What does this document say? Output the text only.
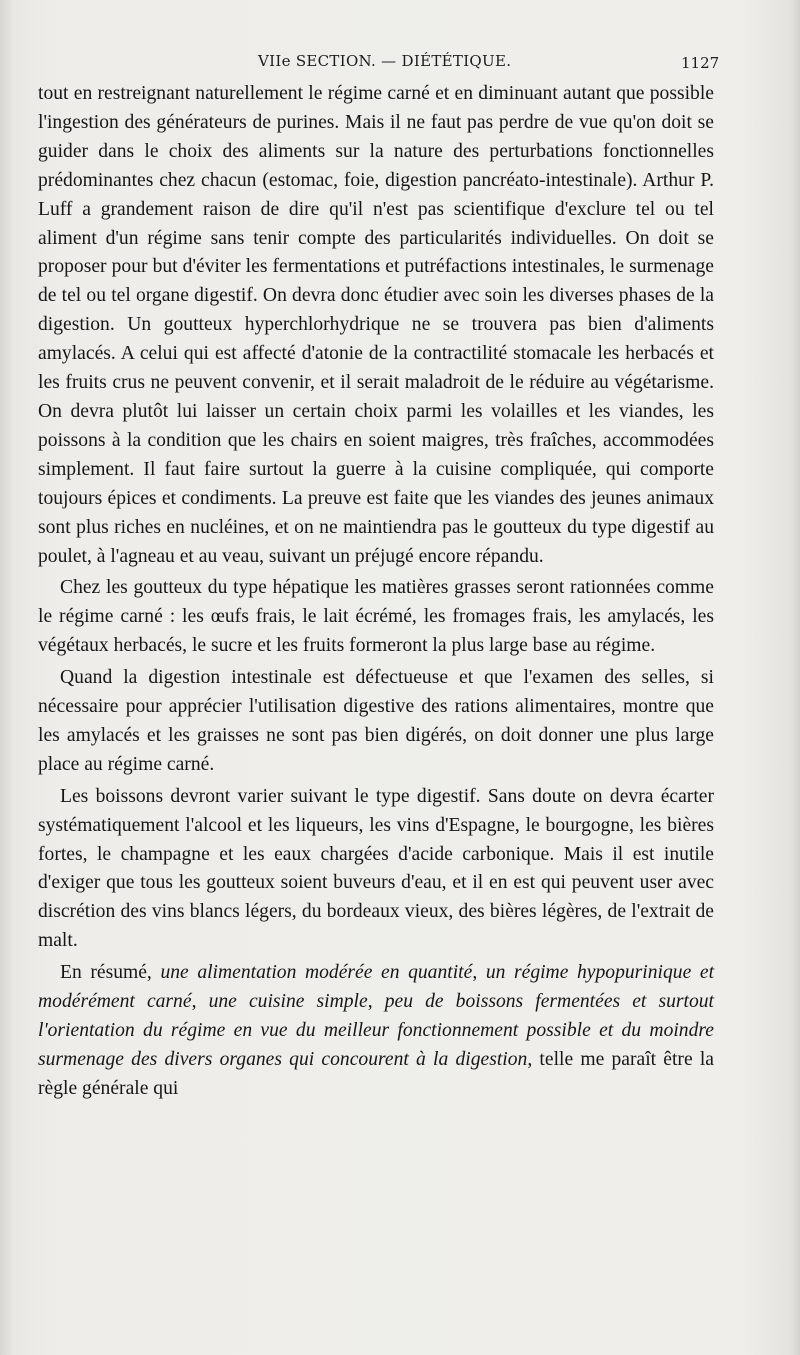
VIIe SECTION. — DIÉTÉTIQUE.	1127

tout en restreignant naturellement le régime carné et en diminuant autant que possible l'ingestion des générateurs de purines. Mais il ne faut pas perdre de vue qu'on doit se guider dans le choix des aliments sur la nature des perturbations fonctionnelles prédominantes chez chacun (estomac, foie, digestion pancréato-intestinale). Arthur P. Luff a grandement raison de dire qu'il n'est pas scientifique d'exclure tel ou tel aliment d'un régime sans tenir compte des particularités individuelles. On doit se proposer pour but d'éviter les fermentations et putréfactions intestinales, le surmenage de tel ou tel organe digestif. On devra donc étudier avec soin les diverses phases de la digestion. Un goutteux hyperchlorhydrique ne se trouvera pas bien d'aliments amylacés. A celui qui est affecté d'atonie de la contractilité stomacale les herbacés et les fruits crus ne peuvent convenir, et il serait maladroit de le réduire au végétarisme. On devra plutôt lui laisser un certain choix parmi les volailles et les viandes, les poissons à la condition que les chairs en soient maigres, très fraîches, accommodées simplement. Il faut faire surtout la guerre à la cuisine compliquée, qui comporte toujours épices et condiments. La preuve est faite que les viandes des jeunes animaux sont plus riches en nucléines, et on ne maintiendra pas le goutteux du type digestif au poulet, à l'agneau et au veau, suivant un préjugé encore répandu.

Chez les goutteux du type hépatique les matières grasses seront rationnées comme le régime carné : les œufs frais, le lait écrémé, les fromages frais, les amylacés, les végétaux herbacés, le sucre et les fruits formeront la plus large base au régime.

Quand la digestion intestinale est défectueuse et que l'examen des selles, si nécessaire pour apprécier l'utilisation digestive des rations alimentaires, montre que les amylacés et les graisses ne sont pas bien digérés, on doit donner une plus large place au régime carné.

Les boissons devront varier suivant le type digestif. Sans doute on devra écarter systématiquement l'alcool et les liqueurs, les vins d'Espagne, le bourgogne, les bières fortes, le champagne et les eaux chargées d'acide carbonique. Mais il est inutile d'exiger que tous les goutteux soient buveurs d'eau, et il en est qui peuvent user avec discrétion des vins blancs légers, du bordeaux vieux, des bières légères, de l'extrait de malt.

En résumé, une alimentation modérée en quantité, un régime hypopurinique et modérément carné, une cuisine simple, peu de boissons fermentées et surtout l'orientation du régime en vue du meilleur fonctionnement possible et du moindre surmenage des divers organes qui concourent à la digestion, telle me paraît être la règle générale qui
